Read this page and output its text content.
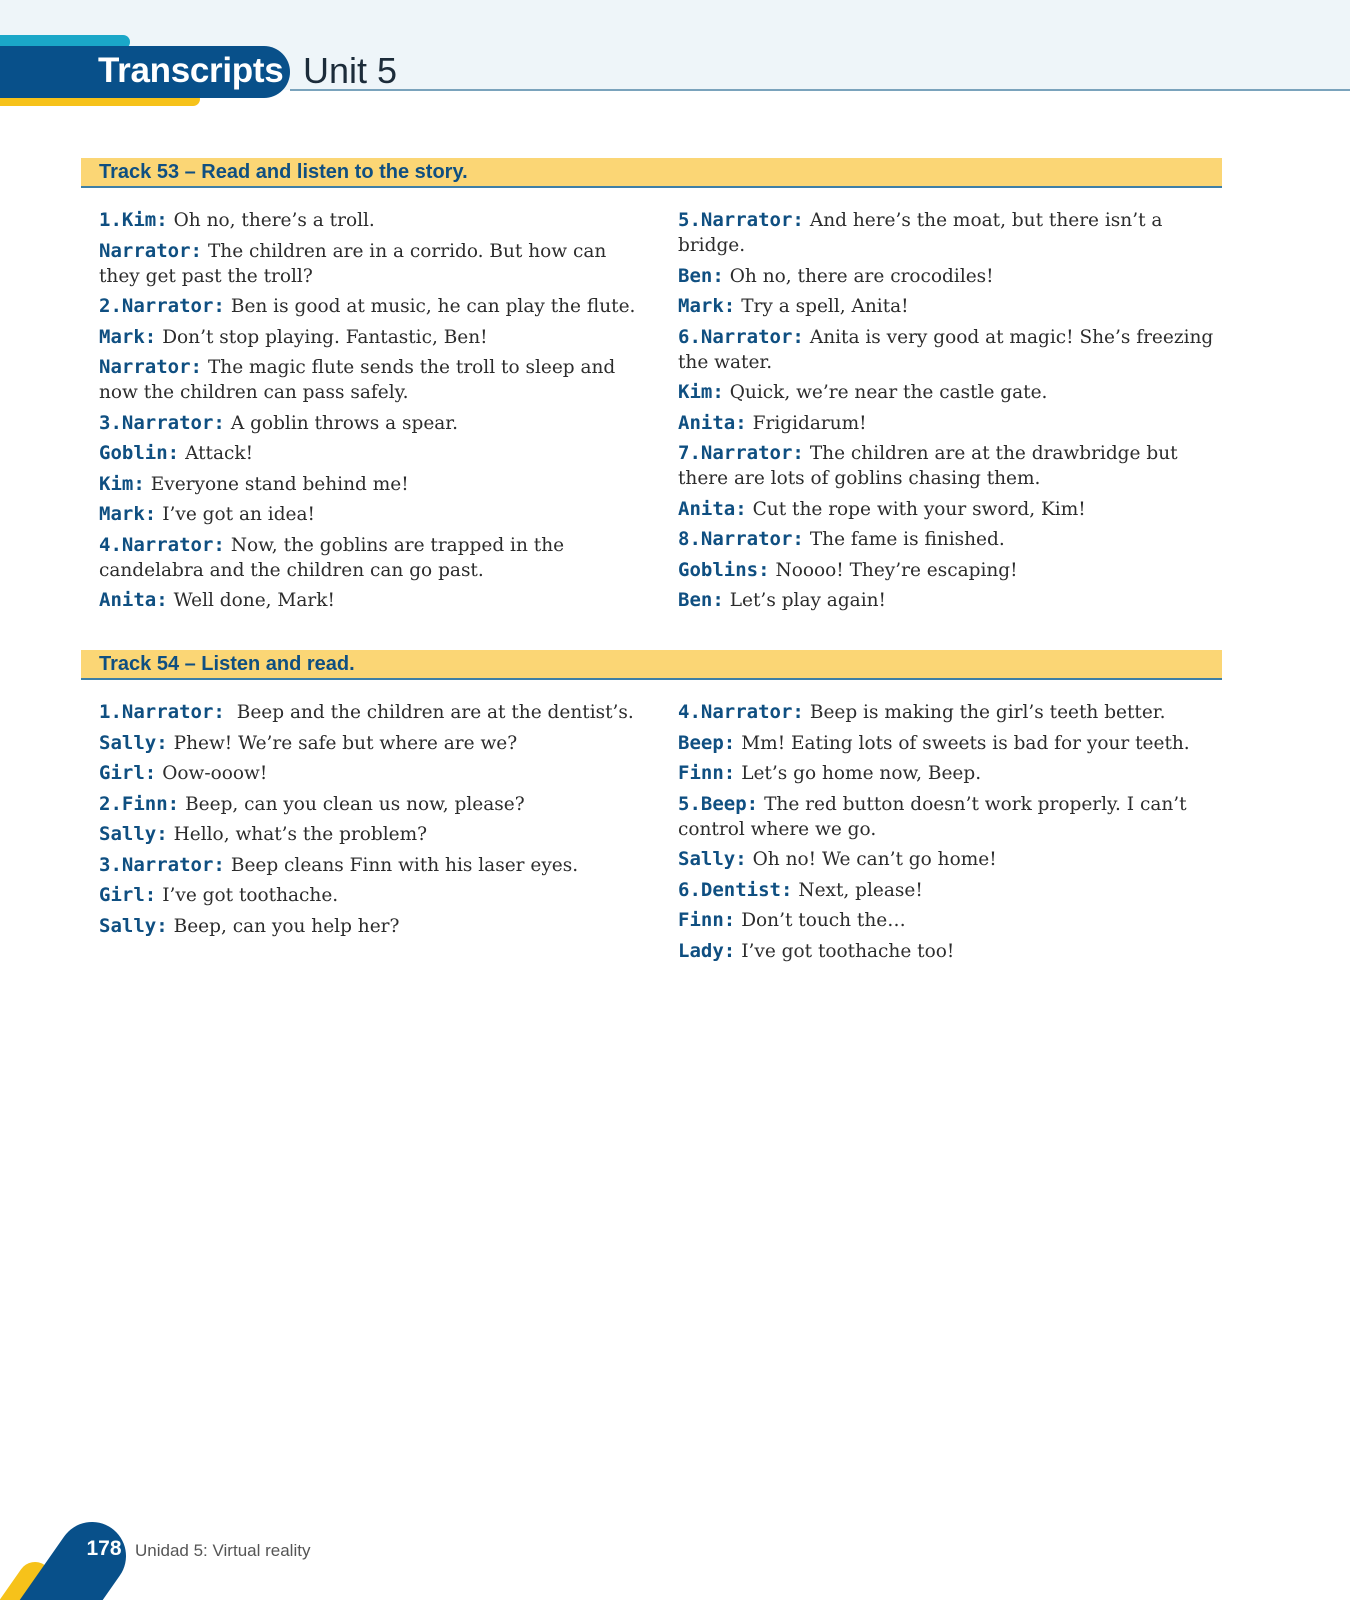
Transcripts Unit 5
Track 53 – Read and listen to the story.

1.Kim: Oh no, there’s a troll.

Narrator: The children are in a corrido. But how can they get past the troll?

2.Narrator: Ben is good at music, he can play the flute.

Mark: Don’t stop playing. Fantastic, Ben!

Narrator: The magic flute sends the troll to sleep and now the children can pass safely.

3.Narrator: A goblin throws a spear.

Goblin: Attack!

Kim: Everyone stand behind me!

Mark: I’ve got an idea!

4.Narrator: Now, the goblins are trapped in the candelabra and the children can go past.

Anita: Well done, Mark!

5.Narrator: And here’s the moat, but there isn’t a bridge.

Ben: Oh no, there are crocodiles!

Mark: Try a spell, Anita!

6.Narrator: Anita is very good at magic! She’s freezing the water.

Kim: Quick, we’re near the castle gate.

Anita: Frigidarum!

7.Narrator: The children are at the drawbridge but there are lots of goblins chasing them.

Anita: Cut the rope with your sword, Kim!

8.Narrator: The fame is finished.

Goblins: Noooo! They’re escaping!

Ben: Let’s play again!

Track 54 – Listen and read.

1.Narrator: Beep and the children are at the dentist’s.

Sally: Phew! We’re safe but where are we?

Girl: Oow-ooow!

2.Finn: Beep, can you clean us now, please?

Sally: Hello, what’s the problem?

3.Narrator: Beep cleans Finn with his laser eyes.

Girl: I’ve got toothache.

Sally: Beep, can you help her?

4.Narrator: Beep is making the girl’s teeth better.

Beep: Mm! Eating lots of sweets is bad for your teeth.

Finn: Let’s go home now, Beep.

5.Beep: The red button doesn’t work properly. I can’t control where we go.

Sally: Oh no! We can’t go home!

6.Dentist: Next, please!

Finn: Don’t touch the…

Lady: I’ve got toothache too!

178 Unidad 5: Virtual reality
